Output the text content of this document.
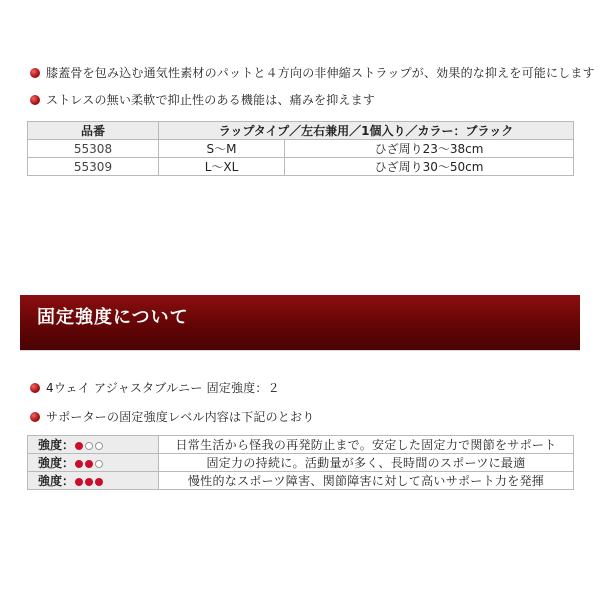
膝蓋骨を包み込む通気性素材のパットと４方向の非伸縮ストラップが、効果的な抑えを可能にします
ストレスの無い柔軟で抑止性のある機能は、痛みを抑えます
品番	ラップタイプ／左右兼用／1個入り／カラー：ブラック	
55308	S～M	ひざ周り23～38cm
55309	L～XL	ひざ周り30～50cm
固定強度について
4ウェイ アジャスタブルニー 固定強度：２
サポーターの固定強度レベル内容は下記のとおり
強度：	日常生活から怪我の再発防止まで。安定した固定力で関節をサポート
強度：	固定力の持続に。活動量が多く、長時間のスポーツに最適
強度：	慢性的なスポーツ障害、関節障害に対して高いサポート力を発揮
